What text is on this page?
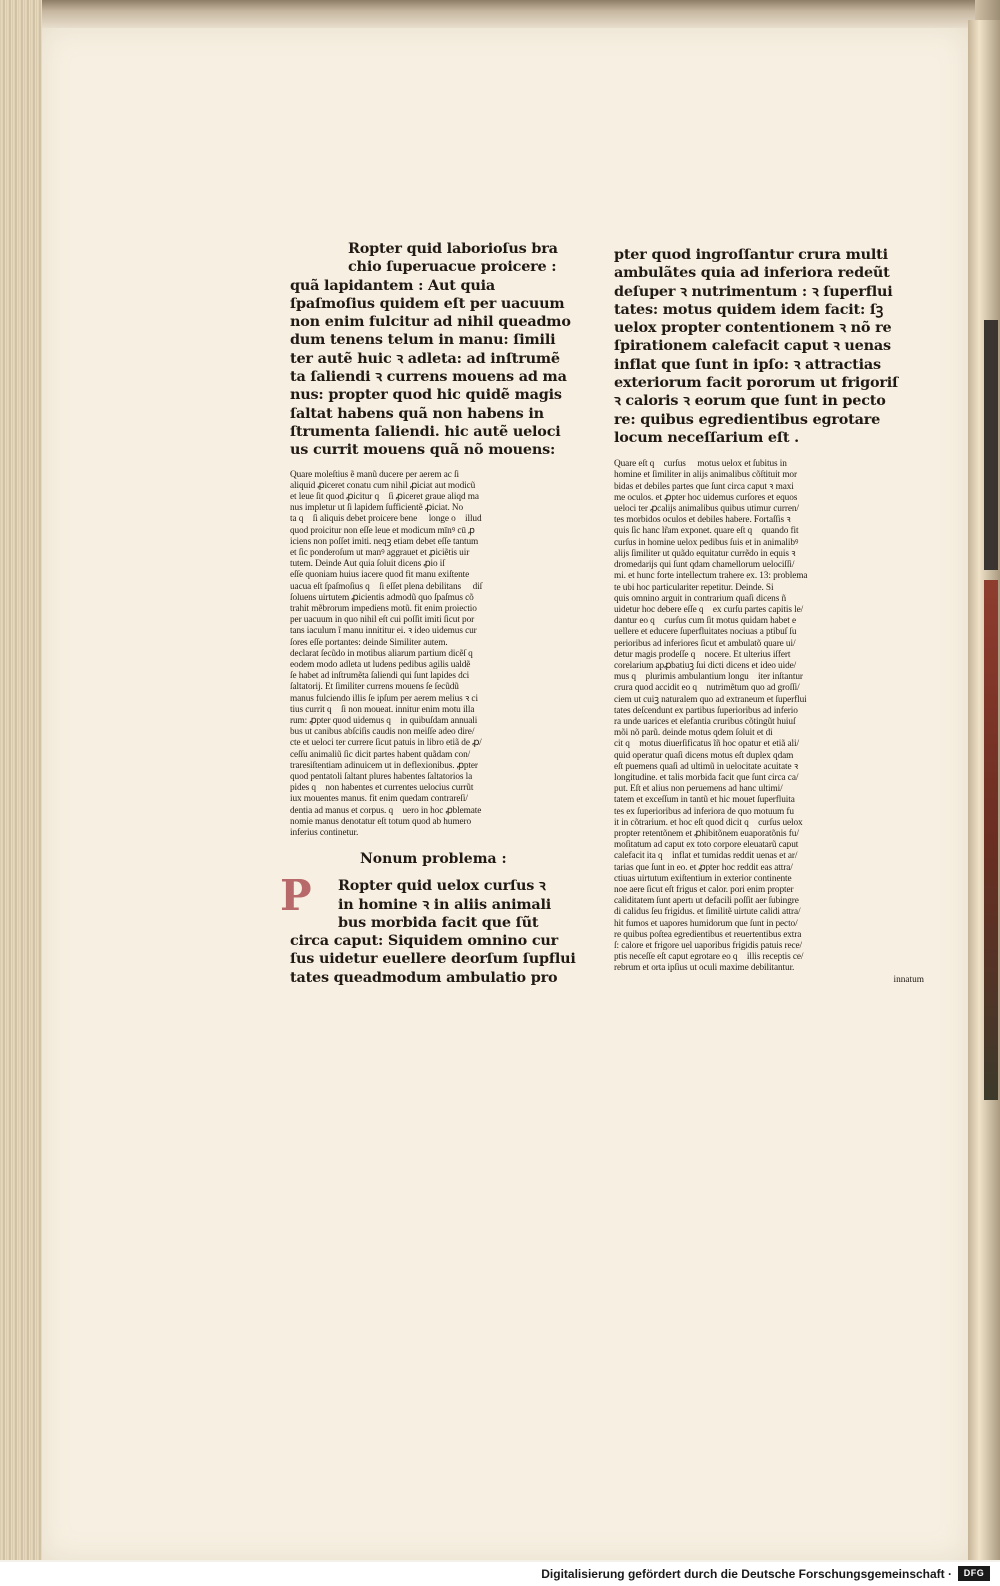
Ropter quid laborioſus bra

chio ſuperuacue proicere :

quã lapidantem : Aut quia

ſpaſmoſius quidem eſt per uacuum

non enim fulcitur ad nihil queadmo

dum tenens telum in manu: ſimili

ter autẽ huic ꝛ adleta: ad inſtrumẽ

ta ſaliendi ꝛ currens mouens ad ma

nus: propter quod hic quidẽ magis

ſaltat habens quã non habens in

ſtrumenta ſaliendi. hic autẽ ueloci

us currit mouens quã nõ mouens:

Quare moleſtius ẽ manũ ducere per aerem ac ſi

aliquid ꝓiceret conatu cum nihil ꝓiciat aut modicũ

et leue ſit quod ꝓicitur qᷓ ſi ꝓiceret graue aliqd ma

nus impletur ut ſi lapidem ſufficientẽ ꝓiciat. No

ta qᷓ ſi aliquis debet proicere bene ꝛ longe oꝫ illud

quod proicitur non eſſe leue et modicum mīnꝰ cū ꝓ

iciens non poſſet imiti. neqꝫ etiam debet eſſe tantum

et ſic ponderoſum ut manꝰ aggrauet et ꝓiciẽtis uir

tutem. Deinde Aut quia ſoluit dicens ꝓio iſ

eſſe quoniam huius iacere quod fit manu exiſtente

uacua eſt ſpaſmoſius qᷓ ſi eſſet plena debilitans ꝛ diſ

ſoluens uirtutem ꝓicientis admodũ quo ſpaſmus cõ

trahit mẽbrorum impediens motũ. fit enim proiectio

per uacuum in quo nihil eſt cui poſſit imiti ſicut por

tans iaculum ĩ manu innititur ei. ꝛ ideo uidemus cur

ſores eſſe portantes: deinde Similiter autem.

declarat ſecũdo in motibus aliarum partium dicẽſ qᷓ

eodem modo adleta ut ludens pedibus agilis ualdẽ

ſe habet ad inſtrumẽta ſaliendi qui ſunt lapides dci

ſaltatorij. Et ſimiliter currens mouens ſe ſecũdũ

manus fulciendo illis ſe ipſum per aerem melius ꝛ ci

tius currit qᷓ ſi non moueat. innitur enim motu illa

rum: ꝓpter quod uidemus qᷓ in quibuſdam annuali

bus ut canibus abſciſis caudis non meiſſe adeo dire/

cte et ueloci ter currere ſicut patuis in libro etiã de ꝓ/

ceſſu animaliũ ſic dicit partes habent quãdam con/

traresiſtentiam adinuicem ut in deflexionibus. ꝓpter

quod pentatoli ſaltant plures habentes ſaltatorios la

pides qᷓ non habentes et currentes uelocius currũt

iux mouentes manus. fit enim quedam contrareſi/

dentia ad manus et corpus. qᷓ uero in hoc ꝓblemate

nomie manus denotatur eſt totum quod ab humero

inferius continetur.

Nonum problema :

P	Ropter quid uelox curſus ꝛ

in homine ꝛ in aliis animali

bus morbida facit que ſũt

circa caput: Siquidem omnino cur

ſus uidetur euellere deorſum ſupflui

tates queadmodum ambulatio pro

pter quod ingroſſantur crura multi

ambulãtes quia ad inferiora redeũt

deſuper ꝛ nutrimentum : ꝛ ſuperflui

tates: motus quidem idem facit: ſꝫ

uelox propter contentionem ꝛ nõ re

ſpirationem calefacit caput ꝛ uenas

inflat que ſunt in ipſo: ꝛ attractias

exteriorum facit pororum ut frigoriſ

ꝛ caloris ꝛ eorum que ſunt in pecto

re: quibus egredientibus egrotare

locum neceſſarium eſt .

Quare eſt qᷓ curſus ꝛ motus uelox et ſubitus in

homine et ſimiliter in alijs animalibus cõſtituit mor

bidas et debiles partes que ſunt circa caput ꝛ maxi

me oculos. et ꝓpter hoc uidemus curſores et equos

ueloci ter ꝓcalijs animalibus quibus utimur curren/

tes morbidos oculos et debiles habere. Fortaſſis ꝛ

quis ſic hanc lr̃am exponet. quare eſt qᷓ quando fit

curſus in homine uelox pedibus ſuis et in animalibꝰ

alijs ſimiliter ut quãdo equitatur currẽdo in equis ꝛ

dromedarijs qui ſunt qdam chamellorum uelociſſi/

mi. et hunc forte intellectum trahere ex. 13: problema

te ubi hoc particulariter repetitur. Deinde. Si

quis omnino arguit in contrarium quaſi dicens ñ

uidetur hoc debere eſſe qᷓ ex curſu partes capitis le/

dantur eo qᷓ curſus cum ſit motus quidam habet e

uellere et educere ſuperfluitates nociuas a ptibuſ ſu

perioribus ad inferiores ſicut et ambulatõ quare ui/

detur magis prodeſſe qᷓ nocere. Et ulterius iſfert

corelarium apꝓbatiuꝫ ſui dicti dicens et ideo uide/

mus qᷓ plurimis ambulantium longuꝫ iter inſtantur

crura quod accidit eo qᷓ nutrimẽtum quo ad groſſi/

ciem ut cuiꝫ naturalem quo ad extraneum et ſuperflui

tates deſcendunt ex partibus ſuperioribus ad inferio

ra unde uarices et elefantia cruribus cõtingũt huiuſ

mõi nõ parũ. deinde motus qdem ſoluit et di

cit qᷓ motus diuerſificatus ĩñ hoc opatur et etiã ali/

quid operatur quaſi dicens motus eſt duplex qdam

eſt puemens quaſi ad ultimũ in uelocitate acuitate ꝛ

longitudine. et talis morbida facit que ſunt circa ca/

put. Eſt et alius non peruemens ad hanc ultimi/

tatem et exceſſum in tantũ et hic mouet ſuperfluita

tes ex ſuperioribus ad inferiora de quo motuum fu

it in cõtrarium. et hoc eſt quod dicit qᷓ curſus uelox

propter retentõnem et ꝓhibitõnem euaporatõnis fu/

moſitatum ad caput ex toto corpore eleuatarũ caput

calefacit ita qᷓ inflat et tumidas reddit uenas et ar/

tarias que ſunt in eo. et ꝓpter hoc reddit eas attra/

ctiuas uirtutum exiſtentium in exterior continente

noe aere ſicut eſt frigus et calor. pori enim propter

caliditatem ſunt apertı ut defacili poſſit aer ſubingre

di calidus ſeu frigidus. et ſimilitẽ uirtute calidi attra/

hit fumos et uapores humidorum que ſunt in pecto/

re quibus poſtea egredientibus et reuertentibus extra

ſ: calore et frigore uel uaporibus frigidis patuis rece/

ptis neceſſe eſt caput egrotare eo qᷓ illis receptis ce/

rebrum et orta ipſius ut oculi maxime debilitantur.

innatum

Digitalisierung gefördert durch die Deutsche Forschungsgemeinschaft ·	DFG
